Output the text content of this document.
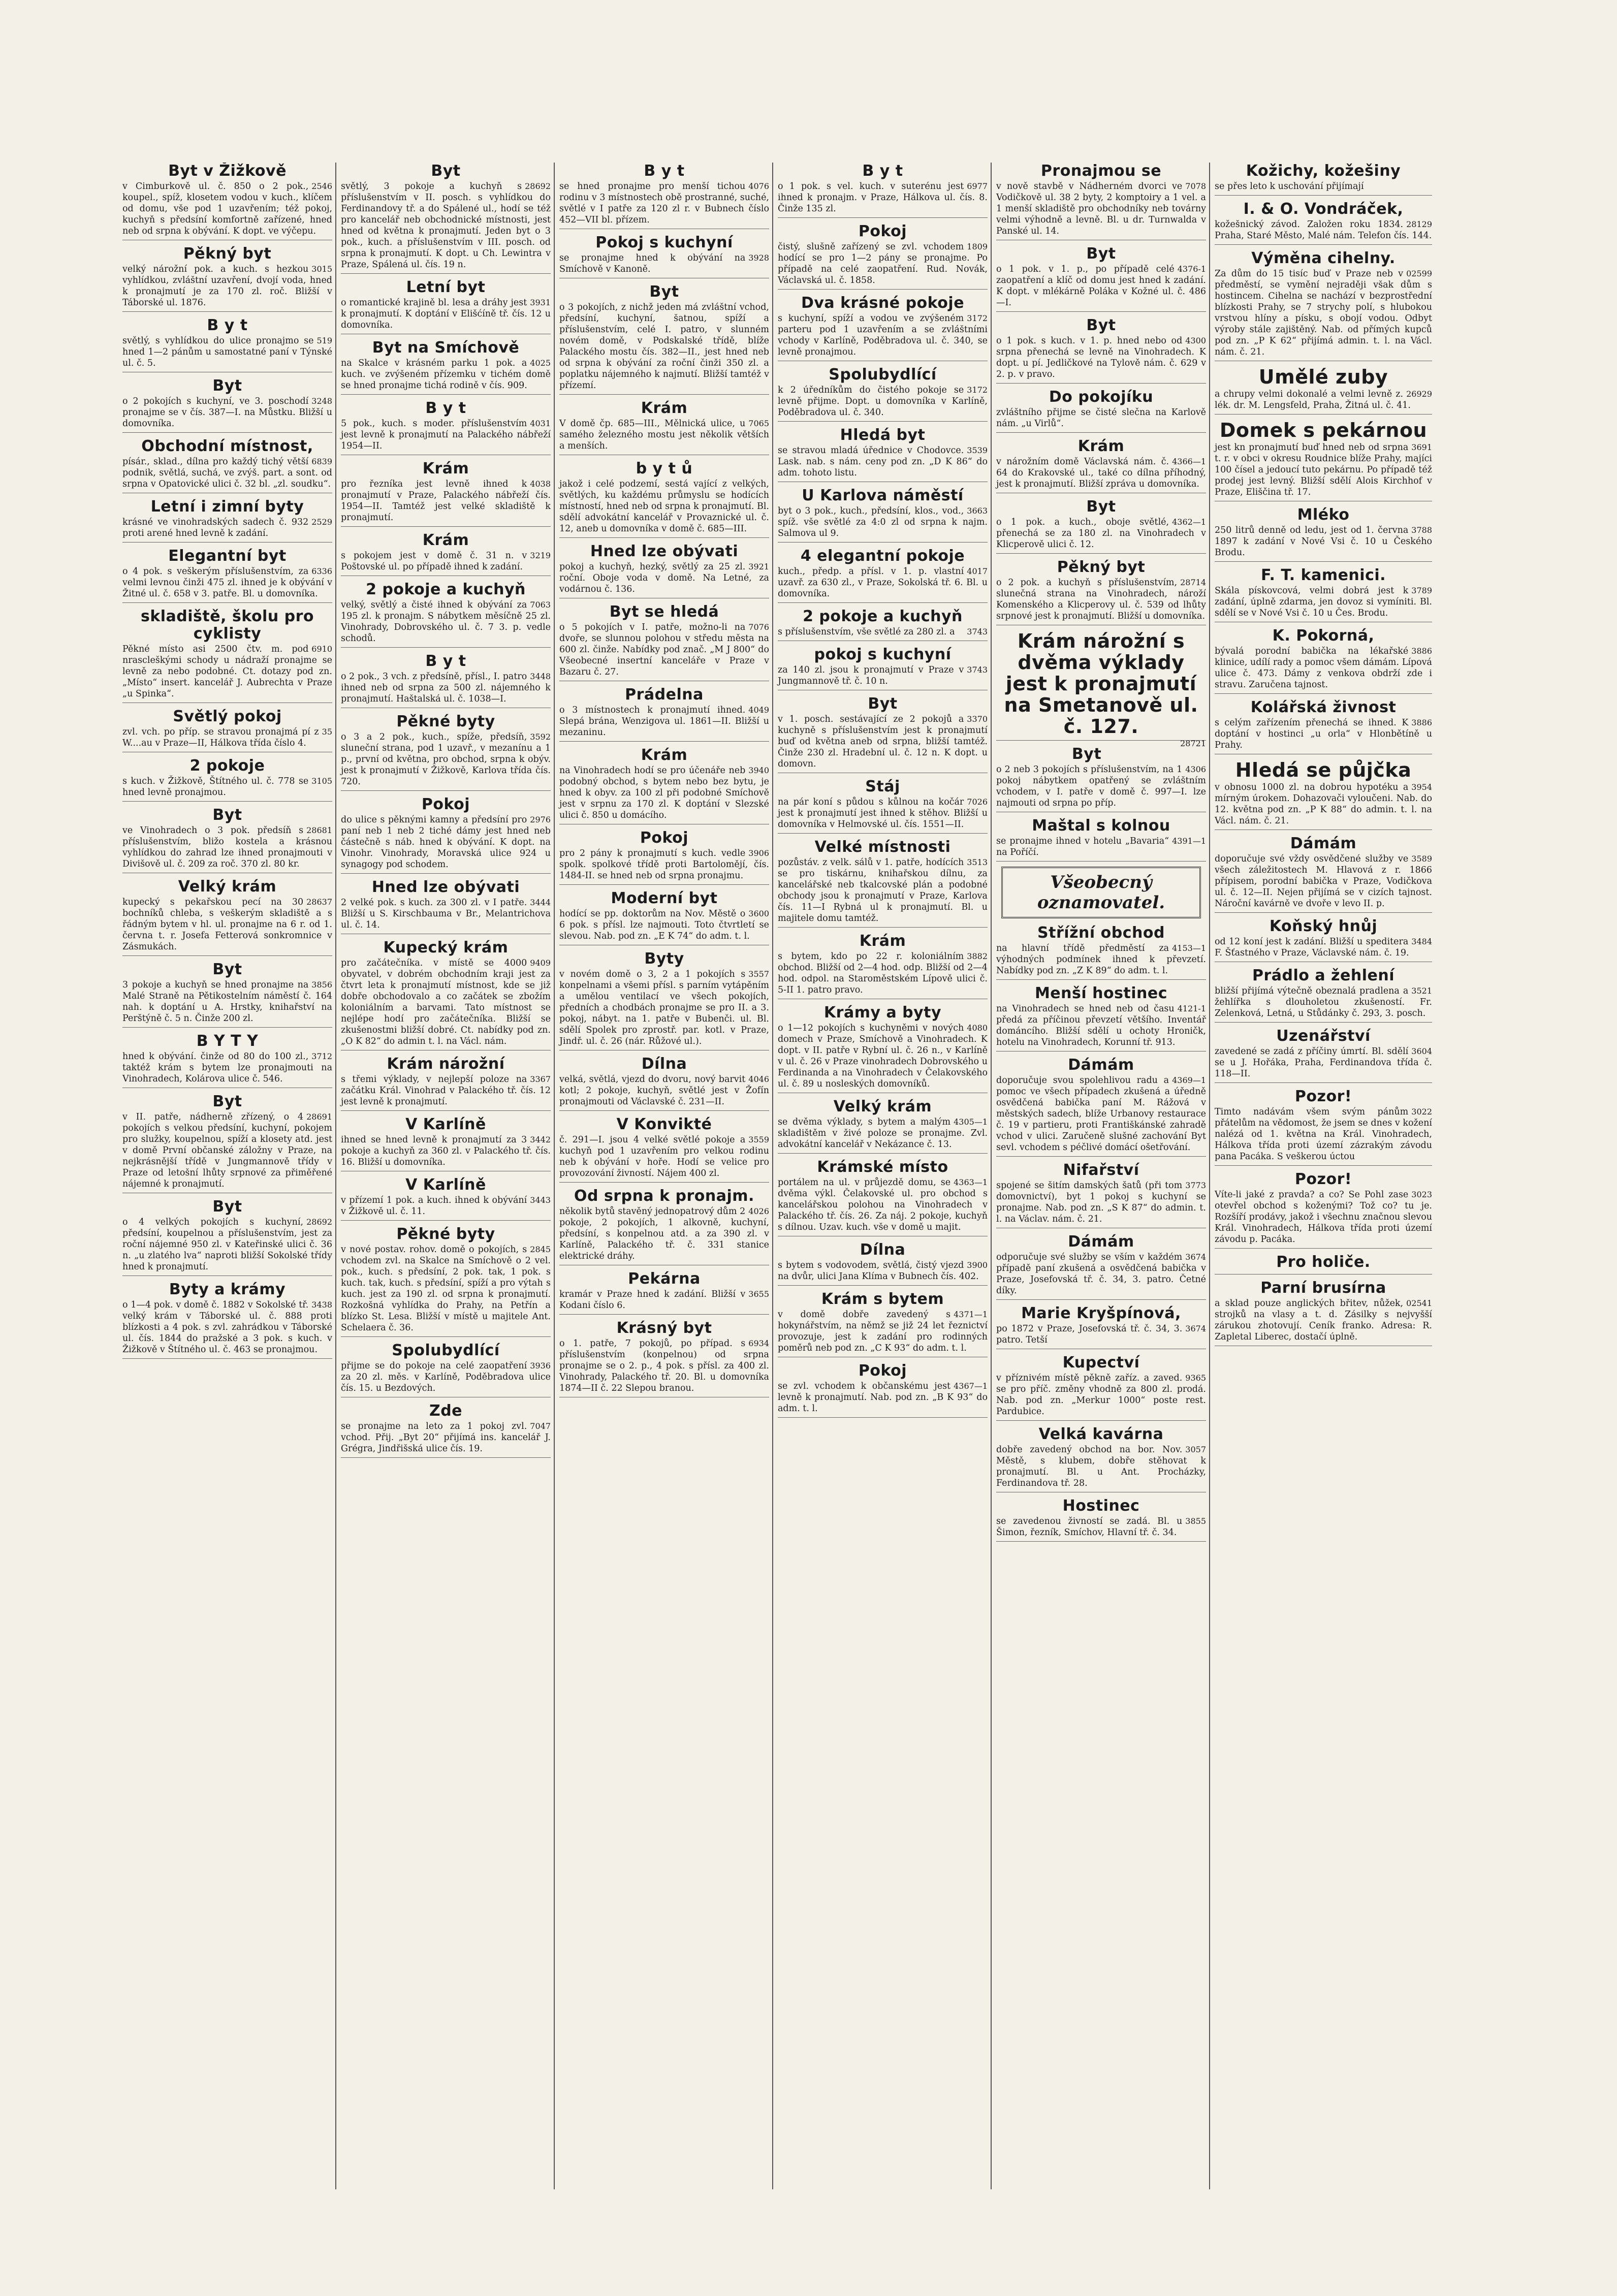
Byt v Žižkově

2546
v Cimburkově ul. č. 850 o 2 pok., koupel., spíž, klosetem vodou v kuch., klíčem od domu, vše pod 1 uzavřením; též pokoj, kuchyň s předsíní komfortně zařízené, hned neb od srpna k obývání. K dopt. ve výčepu.

Pěkný byt

3015
velký nárožní pok. a kuch. s hezkou vyhlídkou, zvláštní uzavření, dvojí voda, hned k pronajmutí je za 170 zl. roč. Bližší v Táborské ul. 1876.

B y t

519
světlý, s vyhlídkou do ulice pronajmo se hned 1—2 pánům u samostatné paní v Týnské ul. č. 5.

Byt

3248
o 2 pokojích s kuchyní, ve 3. poschodí pronajme se v čís. 387—I. na Můstku. Bližší u domovníka.

Obchodní místnost,

6839
písár., sklad., dílna pro každý tichý větší podnik, světlá, suchá, ve zvýš. part. a sont. od srpna v Opatovické ulici č. 32 bl. „zl. soudku“.

Letní i zimní byty

2529
krásné ve vinohradských sadech č. 932 proti arené hned levně k zadání.

Elegantní byt

6336
o 4 pok. s veškerým příslušenstvím, za velmi levnou činži 475 zl. ihned je k obývání v Žitné ul. č. 658 v 3. patře. Bl. u domovníka.

skladiště, školu pro cyklisty

6910
Pěkné místo asi 2500 čtv. m. pod nrascleškými schody u nádraží pronajme se levně za nebo podobné. Ct. dotazy pod zn. „Místo“ insert. kancelář J. Aubrechta v Praze „u Spinka“.

Světlý pokoj

35
zvl. vch. po příp. se stravou pronajmá pí z W....au v Praze—II, Hálkova třída číslo 4.

2 pokoje

3105
s kuch. v Žižkově, Štítného ul. č. 778 se hned levně pronajmou.

Byt

28681
ve Vinohradech o 3 pok. předsíň s příslušenstvím, bližo kostela a krásnou vyhlídkou do zahrad lze ihned pronajmouti v Divišově ul. č. 209 za roč. 370 zl. 80 kr.

Velký krám

28637
kupecký s pekařskou pecí na 30 bochníků chleba, s veškerým skladiště a s řádným bytem v hl. ul. pronajme na 6 r. od 1. června t. r. Josefa Fetterová sonkromnice v Zásmukách.

Byt

3856
3 pokoje a kuchyň se hned pronajme na Malé Straně na Pětikostelním náměstí č. 164 nah. k doptání u A. Hrstky, knihařství na Perštýně č. 5 n. Činže 200 zl.

B Y T Y

3712
hned k obývání. činže od 80 do 100 zl., taktéž krám s bytem lze pronajmouti na Vinohradech, Kolárova ulice č. 546.

Byt

28691
v II. patře, nádherně zřízený, o 4 pokojích s velkou předsíní, kuchyní, pokojem pro služky, koupelnou, spíží a klosety atd. jest v domě První občanské záložny v Praze, na nejkrásnější třídě v Jungmannově třídy v Praze od letošní lhůty srpnové za přiměřené nájemné k pronajmutí.

Byt

28692
o 4 velkých pokojích s kuchyní, předsíní, koupelnou a příslušenstvím, jest za roční nájemné 950 zl. v Kateřinské ulici č. 36 n. „u zlatého lva“ naproti bližší Sokolské třídy hned k pronajmutí.

Byty a krámy

3438
o 1—4 pok. v domě č. 1882 v Sokolské tř. velký krám v Táborské ul. č. 888 proti blízkosti a 4 pok. s zvl. zahrádkou v Táborské ul. čís. 1844 do pražské a 3 pok. s kuch. v Žižkově v Štítného ul. č. 463 se pronajmou.

Byt

28692
světlý, 3 pokoje a kuchyň s příslušenstvím v II. posch. s vyhlídkou do Ferdinandovy tř. a do Spálené ul., hodí se též pro kancelář neb obchodnické místnosti, jest hned od května k pronajmutí. Jeden byt o 3 pok., kuch. a příslušenstvím v III. posch. od srpna k pronajmutí. K dopt. u Ch. Lewintra v Praze, Spálená ul. čís. 19 n.

Letní byt

3931
o romantické krajině bl. lesa a dráhy jest k pronajmutí. K doptání v Elišćíně tř. čís. 12 u domovníka.

Byt na Smíchově

4025
na Skalce v krásném parku 1 pok. a kuch. ve zvýšeném přízemku v tichém domě se hned pronajme tichá rodině v čís. 909.

B y t

4031
5 pok., kuch. s moder. příslušenstvím jest levně k pronajmutí na Palackého nábřeží 1954—II.

Krám

4038
pro řezníka jest levně ihned k pronajmutí v Praze, Palackého nábřeží čís. 1954—II. Tamtéž jest velké skladiště k pronajmutí.

Krám

3219
s pokojem jest v domě č. 31 n. v Poštovské ul. po případě ihned k zadání.

2 pokoje a kuchyň

7063
velký, světlý a čisté ihned k obývání za 195 zl. k pronajm. S nábytkem měsíčně 25 zl. Vinohrady, Dobrovského ul. č. 7 3. p. vedle schodů.

B y t

3448
o 2 pok., 3 vch. z předsíně, přísl., I. patro ihned neb od srpna za 500 zl. nájemného k pronajmutí. Haštalská ul. č. 1038—I.

Pěkné byty

3592
o 3 a 2 pok., kuch., spíže, předsíň, sluneční strana, pod 1 uzavř., v mezanínu a 1 p., první od května, pro obchod, srpna k obýv. jest k pronajmutí v Žižkově, Karlova třída čís. 720.

Pokoj

2976
do ulice s pěknými kamny a předsíní pro paní neb 1 neb 2 tiché dámy jest hned neb částečně s náb. hned k obývání. K dopt. na Vinohr. Vinohrady, Moravská ulice 924 u synagogy pod schodem.

Hned lze obývati

3444
2 velké pok. s kuch. za 300 zl. v I patře. Bližší u S. Kirschbauma v Br., Melantrichova ul. č. 14.

Kupecký krám

9409
pro začátečníka. v místě se 4000 obyvatel, v dobrém obchodním kraji jest za čtvrt leta k pronajmutí místnost, kde se již dobře obchodovalo a co začátek se zbožím koloniálním a barvami. Tato místnost se nejlépe hodí pro začátečníka. Bližší se zkušenostmi bližší dobré. Ct. nabídky pod zn. „O K 82“ do admin t. l. na Václ. nám.

Krám nárožní

3367
s třemi výklady, v nejlepší poloze na začátku Král. Vinohrad v Palackého tř. čís. 12 jest levně k pronajmutí.

V Karlíně

3442
ihned se hned levně k pronajmutí za 3 pokoje a kuchyň za 360 zl. v Palackého tř. čís. 16. Bližší u domovníka.

V Karlíně

3443
v přízemí 1 pok. a kuch. ihned k obývání v Žižkově ul. č. 11.

Pěkné byty

2845
v nové postav. rohov. domě o pokojích, s vchodem zvl. na Skalce na Smíchově o 2 vel. pok., kuch. s předsíní, 2 pok. tak, 1 pok. s kuch. tak, kuch. s předsíní, spíží a pro výtah s kuch. jest za 190 zl. od srpna k pronajmutí. Rozkošná vyhlídka do Prahy, na Petřín a blízko St. Lesa. Bližší v místě u majitele Ant. Schelaera č. 36.

Spolubydlící

3936
přijme se do pokoje na celé zaopatření za 20 zl. měs. v Karlíně, Poděbradova ulice čís. 15. u Bezdových.

Zde

7047
se pronajme na leto za 1 pokoj zvl. vchod. Přij. „Byt 20“ přijímá ins. kancelář J. Grégra, Jindřišská ulice čís. 19.

B y t

4076
se hned pronajme pro menší tichou rodinu v 3 místnostech obě prostranné, suché, světlé v I patře za 120 zl r. v Bubnech číslo 452—VII bl. přízem.

Pokoj s kuchyní

3928
se pronajme hned k obývání na Smíchově v Kanoně.

Byt

o 3 pokojích, z nichž jeden má zvláštní vchod, předsíní, kuchyní, šatnou, spíží a příslušenstvím, celé I. patro, v slunném novém domě, v Podskalské třídě, blíže Palackého mostu čís. 382—II., jest hned neb od srpna k obývání za roční činži 350 zl. a poplatku nájemného k najmutí. Bližší tamtéž v přízemí.

Krám

7065
V domě čp. 685—III., Mělnická ulice, u samého železného mostu jest několik větších a menších.

b y t ů

jakož i celé podzemí, sestá vající z velkých, světlých, ku každému průmyslu se hodících místností, hned neb od srpna k pronajmutí. Bl. sdělí advokátní kancelář v Provaznické ul. č. 12, aneb u domovníka v domě č. 685—III.

Hned lze obývati

3921
pokoj a kuchyň, hezký, světlý za 25 zl. roční. Oboje voda v domě. Na Letné, za vodárnou č. 136.

Byt se hledá

7076
o 5 pokojích v I. patře, možno-li na dvoře, se slunnou polohou v středu města na 600 zl. činže. Nabídky pod znač. „M J 800“ do Všeobecné insertní kanceláře v Praze v Bazaru č. 27.

Prádelna

4049
o 3 místnostech k pronajmutí ihned. Slepá brána, Wenzigova ul. 1861—II. Bližší u mezaninu.

Krám

3940
na Vinohradech hodí se pro účenáře neb podobný obchod, s bytem nebo bez bytu, je hned k obyv. za 100 zl při podobné Smíchově jest v srpnu za 170 zl. K doptání v Slezské ulici č. 850 u domácího.

Pokoj

3906
pro 2 pány k pronajmutí s kuch. vedle spolk. spolkové třídě proti Bartolomějí, čís. 1484-II. se hned neb od srpna pronajmu.

Moderní byt

3600
hodící se pp. doktorům na Nov. Městě o 6 pok. s přísl. lze najmouti. Toto čtvrtletí se slevou. Nab. pod zn. „E K 74“ do adm. t. l.

Byty

3557
v novém domě o 3, 2 a 1 pokojích s konpelnami a všemi přísl. s parním vytápěním a umělou ventilací ve všech pokojích, předních a chodbách pronajme se pro II. a 3. pokoj, nábyt. na 1. patře v Bubenči. ul. Bl. sdělí Spolek pro zprostř. par. kotl. v Praze, Jindř. ul. č. 26 (nár. Růžové ul.).

Dílna

4046
velká, světlá, vjezd do dvoru, nový barvit kotl; 2 pokoje, kuchyň, světlé jest v Žofín pronajmouti od Václavské č. 231—II.

V Konvikté

3559
č. 291—I. jsou 4 velké světlé pokoje a kuchyň pod 1 uzavřením pro velkou rodinu neb k obývání v hoře. Hodí se velice pro provozování živností. Nájem 400 zl.

Od srpna k pronajm.

4026
několik bytů stavěný jednopatrový dům 2 pokoje, 2 pokojích, 1 alkovně, kuchyní, předsíní, s konpelnou atd. a za 390 zl. v Karlíně, Palackého tř. č. 331 stanice elektrické dráhy.

Pekárna

3655
kramár v Praze hned k zadání. Bližší v Kodani číslo 6.

Krásný byt

6934
o 1. patře, 7 pokojů, po případ. s příslušenstvím (konpelnou) od srpna pronajme se o 2. p., 4 pok. s přísl. za 400 zl. Vinohrady, Palackého tř. 20. Bl. u domovníka 1874—II č. 22 Slepou branou.

B y t

6977
o 1 pok. s vel. kuch. v suterénu jest ihned k pronajm. v Praze, Hálkova ul. čís. 8. Činže 135 zl.

Pokoj

1809
čistý, slušně zařízený se zvl. vchodem hodící se pro 1—2 pány se pronajme. Po případě na celé zaopatření. Rud. Novák, Václavská ul. č. 1858.

Dva krásné pokoje

3172
s kuchyní, spíží a vodou ve zvýšeném parteru pod 1 uzavřením a se zvláštními vchody v Karlíně, Poděbradova ul. č. 340, se levně pronajmou.

Spolubydlící

3172
k 2 úředníkům do čistého pokoje se levně přijme. Dopt. u domovníka v Karlíně, Poděbradova ul. č. 340.

Hledá byt

3539
se stravou mladá úřednice v Chodovce. Lask. nab. s nám. ceny pod zn. „D K 86“ do adm. tohoto listu.

U Karlova náměstí

3663
byt o 3 pok., kuch., předsíní, klos., vod., spíž. vše světlé za 4:0 zl od srpna k najm. Salmova ul 9.

4 elegantní pokoje

4017
kuch., předp. a přísl. v 1. p. vlastní uzavř. za 630 zl., v Praze, Sokolská tř. 6. Bl. u domovníka.

2 pokoje a kuchyň

3743
s příslušenstvím, vše světlé za 280 zl. a

pokoj s kuchyní

3743
za 140 zl. jsou k pronajmutí v Praze v Jungmannově tř. č. 10 n.

Byt

3370
v 1. posch. sestávající ze 2 pokojů a kuchyně s příslušenstvím jest k pronajmutí buď od května aneb od srpna, bližší tamtéž. Činže 230 zl. Hradební ul. č. 12 n. K dopt. u domovn.

Stáj

7026
na pár koní s půdou s kůlnou na kočár jest k pronajmutí jest ihned k stěhov. Bližší u domovníka v Helmovské ul. čís. 1551—II.

Velké místnosti

3513
pozůstáv. z velk. sálů v 1. patře, hodících se pro tiskárnu, knihařskou dílnu, za kancelářské neb tkalcovské plán a podobné obchody jsou k pronajmutí v Praze, Karlova čís. 11—I Rybná ul k pronajmutí. Bl. u majitele domu tamtéž.

Krám

3882
s bytem, kdo po 22 r. koloniálním obchod. Bližší od 2—4 hod. odp. Bližší od 2—4 hod. odpol. na Staroměstském Lípově ulici č. 5-II 1. patro pravo.

Krámy a byty

4080
o 1—12 pokojích s kuchyněmi v nových domech v Praze, Smíchově a Vinohradech. K dopt. v II. patře v Rybní ul. č. 26 n., v Karlíně v ul. č. 26 v Praze vinohradech Dobrovského u Ferdinanda a na Vinohradech v Čelakovského ul. č. 89 u nosleských domovníků.

Velký krám

4305—1
se dvěma výklady, s bytem a malým skladištěm v živé poloze se pronajme. Zvl. advokátní kancelář v Nekázance č. 13.

Krámské místo

4363—1
portálem na ul. v průjezdě domu, se dvěma výkl. Čelakovské ul. pro obchod s kancelářskou polohou na Vinohradech v Palackého tř. čís. 26. Za náj. 2 pokoje, kuchyň s dílnou. Uzav. kuch. vše v domě u majit.

Dílna

3900
s bytem s vodovodem, světlá, čistý vjezd na dvůr, ulici Jana Klíma v Bubnech čís. 402.

Krám s bytem

4371—1
v domě dobře zavedený s hokynářstvím, na němž se již 24 let řeznictví provozuje, jest k zadání pro rodinných poměrů neb pod zn. „C K 93“ do adm. t. l.

Pokoj

4367—1
se zvl. vchodem k občanskému jest levně k pronajmutí. Nab. pod zn. „B K 93“ do adm. t. l.

Pronajmou se

7078
v nově stavbě v Nádherném dvorci ve Vodičkově ul. 38 2 byty, 2 komptoiry a 1 vel. a 1 menší skladiště pro obchodníky neb továrny velmi výhodně a levně. Bl. u dr. Turnwalda v Panské ul. 14.

Byt

4376-1
o 1 pok. v 1. p., po případě celé zaopatření a klíč od domu jest hned k zadání. K dopt. v mlékárně Poláka v Kožné ul. č. 486—I.

Byt

4300
o 1 pok. s kuch. v 1. p. hned nebo od srpna přenechá se levně na Vinohradech. K dopt. u pí. Jedličkové na Tylově nám. č. 629 v 2. p. v pravo.

Do pokojíku

zvláštního přijme se čisté slečna na Karlově nám. „u Virlů“.

Krám

4366—1
v nárožním domě Václavská nám. č. 64 do Krakovské ul., také co dílna příhodný, jest k pronajmutí. Bližší zpráva u domovníka.

Byt

4362—1
o 1 pok. a kuch., oboje světlé, přenechá se za 180 zl. na Vinohradech v Klicperově ulici č. 12.

Pěkný byt

28714
o 2 pok. a kuchyň s příslušenstvím, slunečná strana na Vinohradech, nároží Komenského a Klicperovy ul. č. 539 od lhůty srpnové jest k pronajmutí. Bližší u domovníka.

Krám nárožní s dvěma výklady jest k pronajmutí na Smetanově ul. č. 127.

28721

Byt

4306
o 2 neb 3 pokojích s příslušenstvím, na 1 pokoj nábytkem opatřený se zvláštním vchodem, v I. patře v domě č. 997—I. lze najmouti od srpna po příp.

Maštal s kolnou

4391—1
se pronajme ihned v hotelu „Bavaria“ na Poříčí.

Všeobecný oznamovatel.
Střížní obchod

4153—1
na hlavní třídě předměstí za výhodných podmínek ihned k převzetí. Nabídky pod zn. „Z K 89“ do adm. t. l.

Menší hostinec

4121-1
na Vinohradech se hned neb od času předá za příčinou převzetí většího. Inventář dománcího. Bližší sdělí u ochoty Hroničk, hotelu na Vinohradech, Korunní tř. 913.

Dámám

4369—1
doporučuje svou spolehlivou radu a pomoc ve všech případech zkušená a úředně osvědčená babička paní M. Rážová v městských sadech, blíže Urbanovy restaurace č. 19 v partieru, proti Františkánské zahradě vchod v ulici. Zaručeně slušné zachování Byt sevl. vchodem s péčlivé domácí ošetřování.

Nifařství

3773
spojené se šitím damských šatů (při tom domovnictví), byt 1 pokoj s kuchyní se pronajme. Nab. pod zn. „S K 87“ do admin. t. l. na Václav. nám. č. 21.

Dámám

3674
odporučuje své služby se vším v každém případě paní zkušená a osvědčená babička v Praze, Josefovská tř. č. 34, 3. patro. Četné díky.

Marie Kryšpínová,

3674
po 1872 v Praze, Josefovská tř. č. 34, 3. patro. Tetší

Kupectví

9365
v příznivém místě pěkně zaříz. a zaved. se pro příč. změny vhodně za 800 zl. prodá. Nab. pod zn. „Merkur 1000“ poste rest. Pardubice.

Velká kavárna

3057
dobře zavedený obchod na bor. Nov. Městě, s klubem, dobře stěhovat k pronajmutí. Bl. u Ant. Procházky, Ferdinandova tř. 28.

Hostinec

3855
se zavedenou živností se zadá. Bl. u Šimon, řezník, Smíchov, Hlavní tř. č. 34.

Kožichy, kožešiny

se přes leto k uschování přijímají

I. & O. Vondráček,

28129
kožešnický závod. Založen roku 1834. Praha, Staré Město, Malé nám. Telefon čís. 144.

Výměna cihelny.

02599
Za dům do 15 tisíc buď v Praze neb v předměstí, se vymění nejraději však dům s hostincem. Cihelna se nachází v bezprostřední blízkosti Prahy, se 7 strychy polí, s hlubokou vrstvou hlíny a písku, s obojí vodou. Odbyt výroby stále zajištěný. Nab. od přímých kupců pod zn. „P K 62“ přijímá admin. t. l. na Václ. nám. č. 21.

Umělé zuby

26929
a chrupy velmi dokonalé a velmi levně z. lék. dr. M. Lengsfeld, Praha, Žitná ul. č. 41.

Domek s pekárnou

3691
jest kn pronajmutí buď hned neb od srpna t. r. v obci v okresu Roudnice blíže Prahy, majíci 100 čísel a jedoucí tuto pekárnu. Po případě též prodej jest levný. Bližší sdělí Alois Kirchhof v Praze, Eliščina tř. 17.

Mléko

3788
250 litrů denně od ledu, jest od 1. června 1897 k zadání v Nové Vsi č. 10 u Českého Brodu.

F. T. kamenici.

3789
Skála pískovcová, velmi dobrá jest k zadání, úplně zdarma, jen dovoz si vymíniti. Bl. sdělí se v Nové Vsi č. 10 u Čes. Brodu.

K. Pokorná,

3886
bývalá porodní babička na lékařské klinice, udílí rady a pomoc všem dámám. Lípová ulice č. 473. Dámy z venkova obdrží zde i stravu. Zaručena tajnost.

Kolářská živnost

3886
s celým zařízením přenechá se ihned. K doptání v hostinci „u orla“ v Hlonbětíně u Prahy.

Hledá se půjčka

3954
v obnosu 1000 zl. na dobrou hypotéku a mírným úrokem. Dohazovači vyloučeni. Nab. do 12. května pod zn. „P K 88“ do admin. t. l. na Václ. nám. č. 21.

Dámám

3589
doporučuje své vždy osvědčené služby ve všech záležitostech M. Hlavová z r. 1866 přípisem, porodní babička v Praze, Vodičkova ul. č. 12—II. Nejen přijímá se v cizích tajnost. Nároční kavárně ve dvoře v levo II. p.

Koňský hnůj

3484
od 12 koní jest k zadání. Bližší u speditera F. Šťastného v Praze, Václavské nám. č. 19.

Prádlo a žehlení

3521
bližší přijímá výtečně obeznalá pradlena a žehlířka s dlouholetou zkušeností. Fr. Zelenková, Letná, u Stůdánky č. 293, 3. posch.

Uzenářství

3604
zavedené se zadá z příčiny úmrtí. Bl. sdělí se u J. Hořáka, Praha, Ferdinandova třída č. 118—II.

Pozor!

3022
Timto nadávám všem svým pánům přátelům na vědomost, že jsem se dnes v kožení nalézá od 1. května na Král. Vinohradech, Hálkova třída proti území zázrakým závodu pana Pacáka. S veškerou úctou

Pozor!

3023
Víte-li jaké z pravda? a co? Se Pohl zase otevřel obchod s koženými? Tož co? tu je. Rozšíří prodávy, jakož i všechnu značnou slevou Král. Vinohradech, Hálkova třída proti území závodu p. Pacáka.

Pro holiče.
Parní brusírna

02541
a sklad pouze anglických břitev, nůžek, strojků na vlasy a t. d. Zásilky s nejvyšší zárukou zhotovují. Ceník franko. Adresa: R. Zapletal Liberec, dostačí úplně.
